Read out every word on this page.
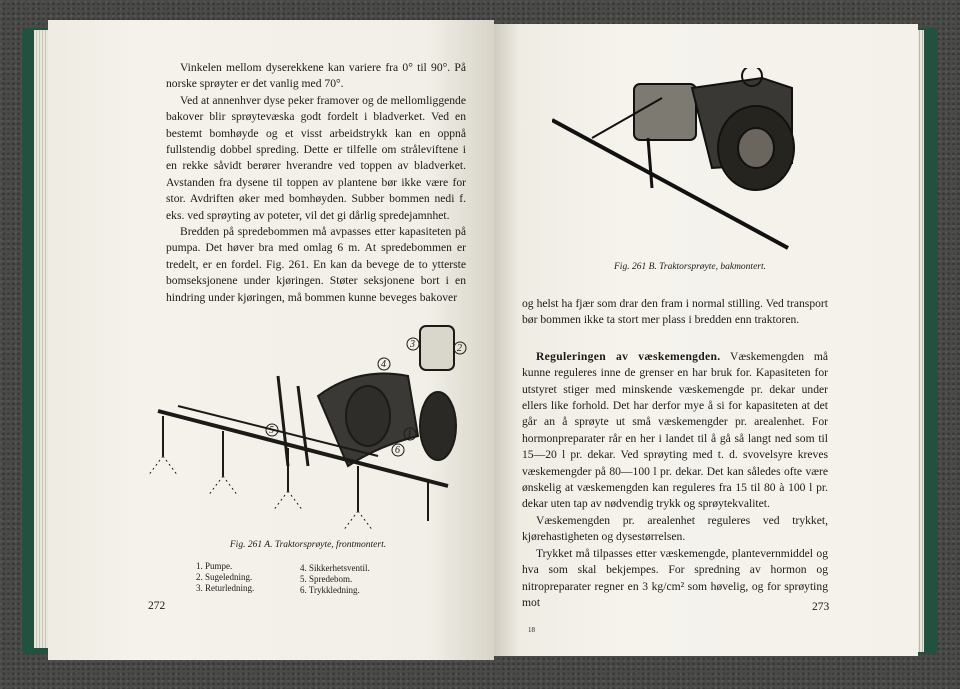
Vinkelen mellom dyserekkene kan variere fra 0° til 90°. På norske sprøyter er det vanlig med 70°.

Ved at annenhver dyse peker framover og de mellomliggende bakover blir sprøytevæska godt fordelt i bladverket. Ved en bestemt bomhøyde og et visst arbeidstrykk kan en oppnå fullstendig dobbel spreding. Dette er tilfelle om stråleviftene i en rekke såvidt berører hverandre ved toppen av bladverket. Avstanden fra dysene til toppen av plantene bør ikke være for stor. Avdriften øker med bomhøyden. Subber bommen nedi f. eks. ved sprøyting av poteter, vil det gi dårlig spredejamnhet.

Bredden på spredebommen må avpasses etter kapasiteten på pumpa. Det høver bra med omlag 6 m. At spredebommen er tredelt, er en fordel. Fig. 261. En kan da bevege de to ytterste bomseksjonene under kjøringen. Støter seksjonene bort i en hindring under kjøringen, må bommen kunne beveges bakover

3	2
4
1
5
6
Fig. 261 A. Traktorsprøyte, frontmontert.
1. Pumpe.
2. Sugeledning.
3. Returledning.
4. Sikkerhetsventil.
5. Spredebom.
6. Trykkledning.
272
Fig. 261 B. Traktorsprøyte, bakmontert.

og helst ha fjær som drar den fram i normal stilling. Ved transport bør bommen ikke ta stort mer plass i bredden enn traktoren.

Reguleringen av væskemengden. Væskemengden må kunne reguleres inne de grenser en har bruk for. Kapasiteten for utstyret stiger med minskende væskemengde pr. dekar under ellers like forhold. Det har derfor mye å si for kapasiteten at det går an å sprøyte ut små væskemengder pr. arealenhet. For hormonpreparater rår en her i landet til å gå så langt ned som til 15—20 l pr. dekar. Ved sprøyting med t. d. svovelsyre kreves væskemengder på 80—100 l pr. dekar. Det kan således ofte være ønskelig at væskemengden kan reguleres fra 15 til 80 à 100 l pr. dekar uten tap av nødvendig trykk og sprøytekvalitet.

Væskemengden pr. arealenhet reguleres ved trykket, kjørehastigheten og dysestørrelsen.

Trykket må tilpasses etter væskemengde, plantevernmiddel og hva som skal bekjempes. For spredning av hormon og nitropreparater regner en 3 kg/cm² som høvelig, og for sprøyting mot

18
273
